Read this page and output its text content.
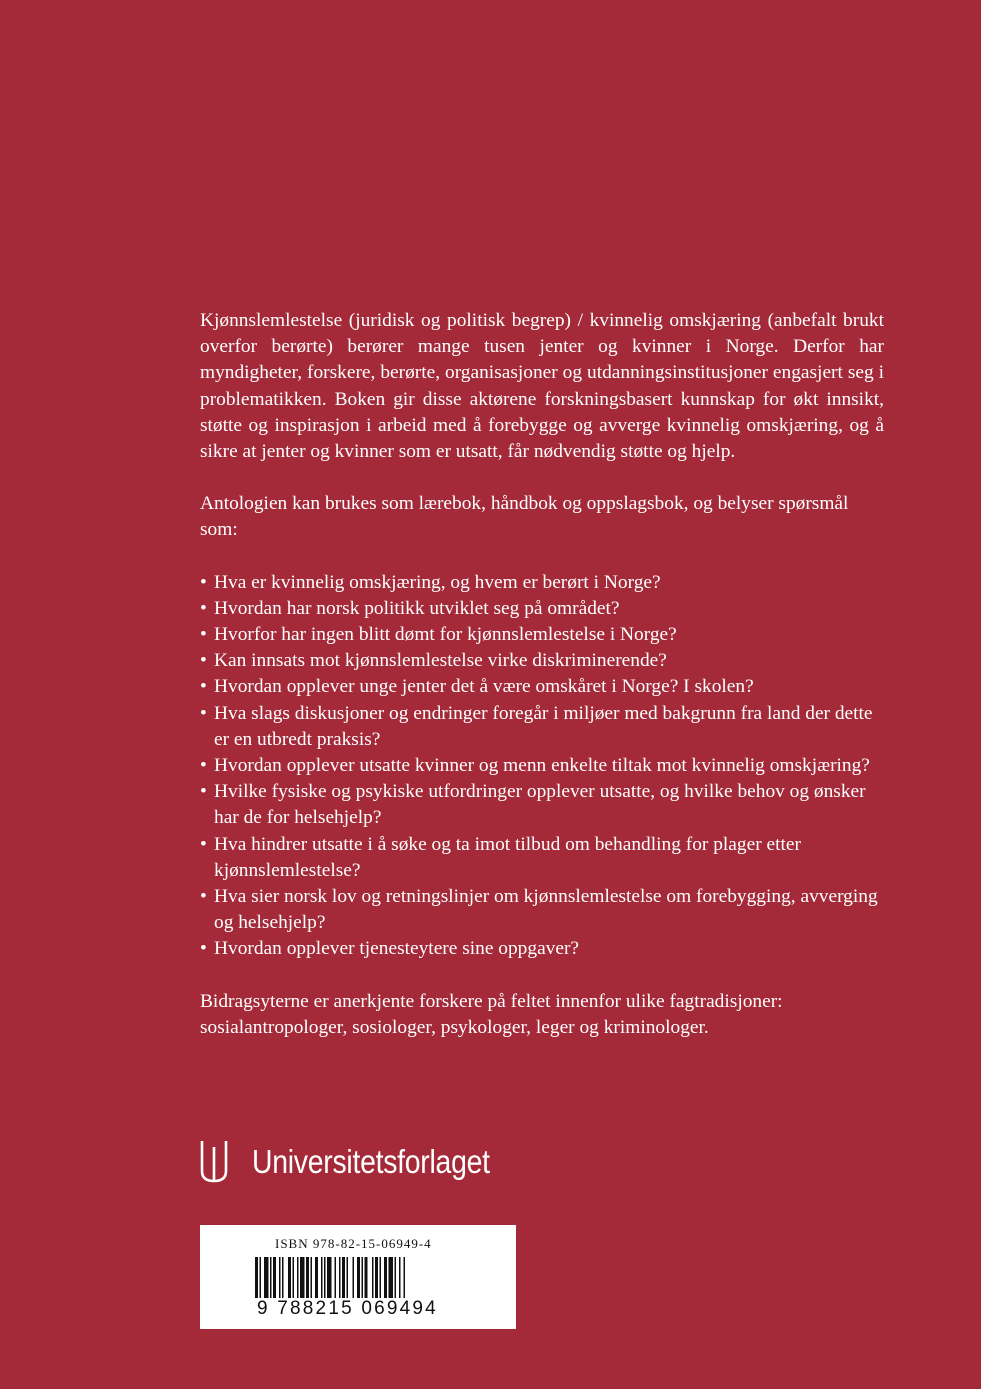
Kjønnslemlestelse (juridisk og politisk begrep) / kvinnelig omskjæring (anbefalt brukt overfor berørte) berører mange tusen jenter og kvinner i Norge. Derfor har myndigheter, forskere, berørte, organisasjoner og utdanningsinstitusjoner engasjert seg i problematikken. Boken gir disse aktørene forskningsbasert kunnskap for økt innsikt, støtte og inspirasjon i arbeid med å forebygge og avverge kvinnelig omskjæring, og å sikre at jenter og kvinner som er utsatt, får nødvendig støtte og hjelp.

Antologien kan brukes som lærebok, håndbok og oppslagsbok, og belyser spørsmål som:

• Hva er kvinnelig omskjæring, og hvem er berørt i Norge?
• Hvordan har norsk politikk utviklet seg på området?
• Hvorfor har ingen blitt dømt for kjønnslemlestelse i Norge?
• Kan innsats mot kjønnslemlestelse virke diskriminerende?
• Hvordan opplever unge jenter det å være omskåret i Norge? I skolen?
• Hva slags diskusjoner og endringer foregår i miljøer med bakgrunn fra land der dette er en utbredt praksis?
• Hvordan opplever utsatte kvinner og menn enkelte tiltak mot kvinnelig omskjæring?
• Hvilke fysiske og psykiske utfordringer opplever utsatte, og hvilke behov og ønsker har de for helsehjelp?
• Hva hindrer utsatte i å søke og ta imot tilbud om behandling for plager etter kjønnslemlestelse?
• Hva sier norsk lov og retningslinjer om kjønnslemlestelse om forebygging, avverging og helsehjelp?
• Hvordan opplever tjenesteytere sine oppgaver?

Bidragsyterne er anerkjente forskere på feltet innenfor ulike fagtradisjoner: sosialantropologer, sosiologer, psykologer, leger og kriminologer.

Universitetsforlaget
ISBN 978-82-15-06949-4
9 788215 069494
